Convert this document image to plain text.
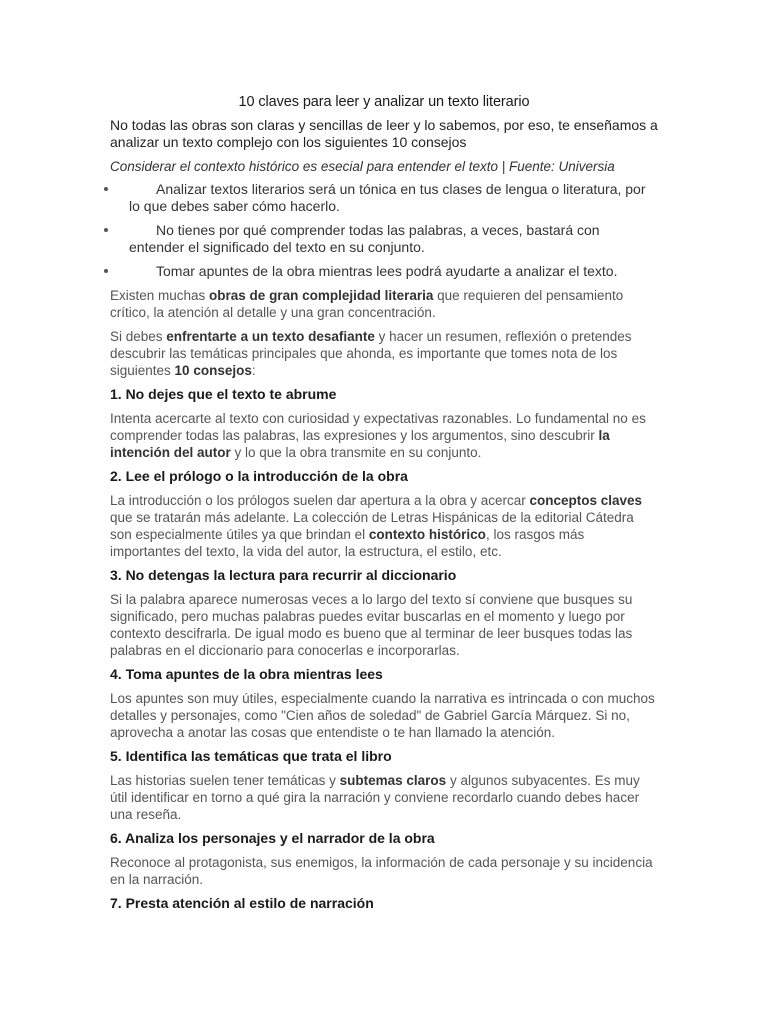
10 claves para leer y analizar un texto literario

No todas las obras son claras y sencillas de leer y lo sabemos, por eso, te enseñamos a analizar un texto complejo con los siguientes 10 consejos

Considerar el contexto histórico es esecial para entender el texto | Fuente: Universia

Analizar textos literarios será un tónica en tus clases de lengua o literatura, por lo que debes saber cómo hacerlo.
No tienes por qué comprender todas las palabras, a veces, bastará con entender el significado del texto en su conjunto.
Tomar apuntes de la obra mientras lees podrá ayudarte a analizar el texto.

Existen muchas obras de gran complejidad literaria que requieren del pensamiento crítico, la atención al detalle y una gran concentración.

Si debes enfrentarte a un texto desafiante y hacer un resumen, reflexión o pretendes descubrir las temáticas principales que ahonda, es importante que tomes nota de los siguientes 10 consejos:

1. No dejes que el texto te abrume

Intenta acercarte al texto con curiosidad y expectativas razonables. Lo fundamental no es comprender todas las palabras, las expresiones y los argumentos, sino descubrir la intención del autor y lo que la obra transmite en su conjunto.

2. Lee el prólogo o la introducción de la obra

La introducción o los prólogos suelen dar apertura a la obra y acercar conceptos claves que se tratarán más adelante. La colección de Letras Hispánicas de la editorial Cátedra son especialmente útiles ya que brindan el contexto histórico, los rasgos más importantes del texto, la vida del autor, la estructura, el estilo, etc.

3. No detengas la lectura para recurrir al diccionario

Si la palabra aparece numerosas veces a lo largo del texto sí conviene que busques su significado, pero muchas palabras puedes evitar buscarlas en el momento y luego por contexto descifrarla. De igual modo es bueno que al terminar de leer busques todas las palabras en el diccionario para conocerlas e incorporarlas.

4. Toma apuntes de la obra mientras lees

Los apuntes son muy útiles, especialmente cuando la narrativa es intrincada o con muchos detalles y personajes, como "Cien años de soledad" de Gabriel García Márquez. Si no, aprovecha a anotar las cosas que entendiste o te han llamado la atención.

5. Identifica las temáticas que trata el libro

Las historias suelen tener temáticas y subtemas claros y algunos subyacentes. Es muy útil identificar en torno a qué gira la narración y conviene recordarlo cuando debes hacer una reseña.

6. Analiza los personajes y el narrador de la obra

Reconoce al protagonista, sus enemigos, la información de cada personaje y su incidencia en la narración.

7. Presta atención al estilo de narración
